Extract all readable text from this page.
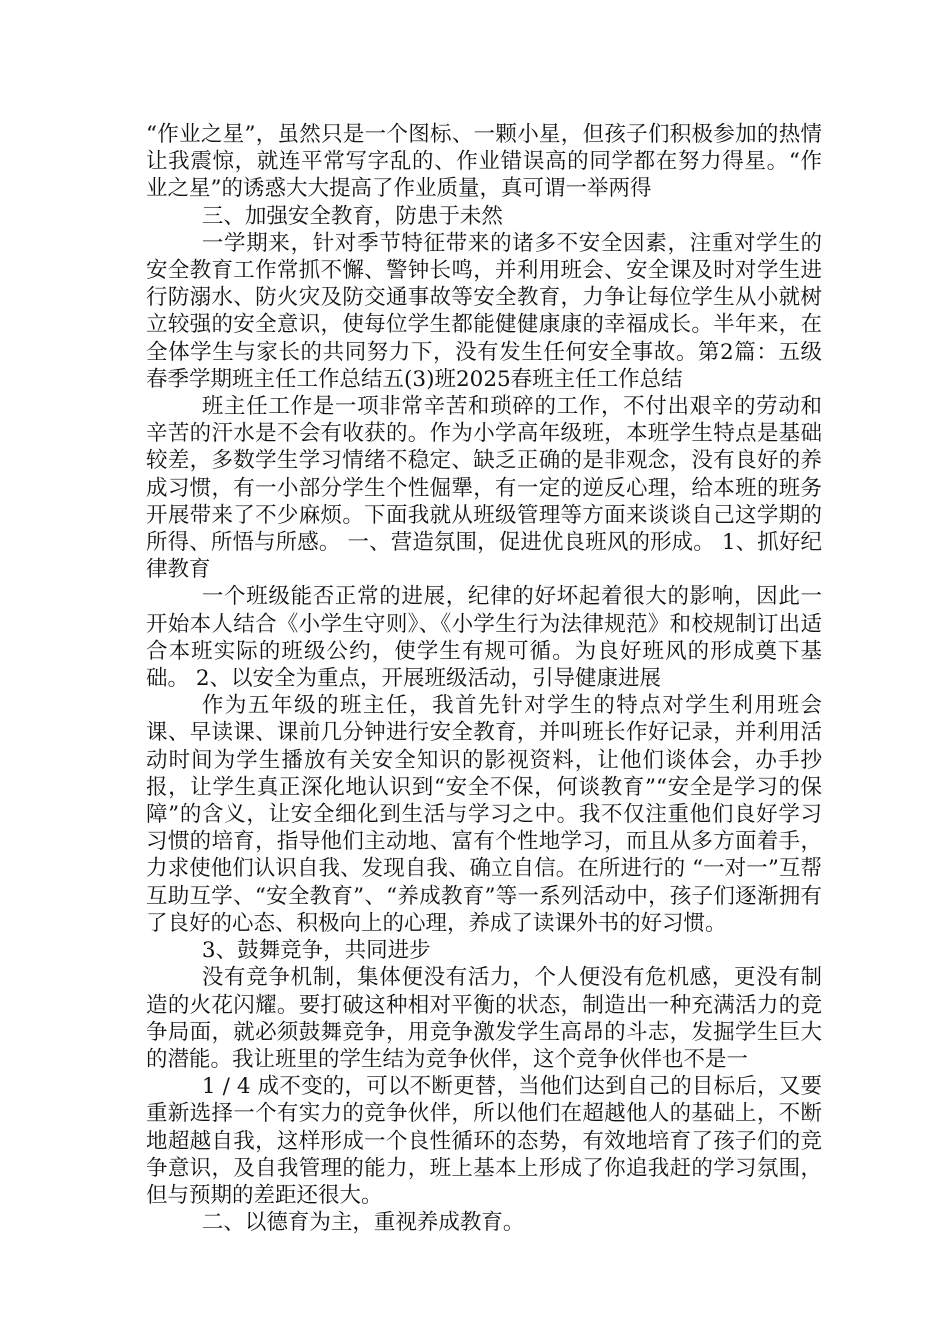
“作业之星”，虽然只是一个图标、一颗小星，但孩子们积极参加的热情让我震惊，就连平常写字乱的、作业错误高的同学都在努力得星。“作业之星”的诱惑大大提高了作业质量，真可谓一举两得

三、加强安全教育，防患于未然

一学期来，针对季节特征带来的诸多不安全因素，注重对学生的安全教育工作常抓不懈、警钟长鸣，并利用班会、安全课及时对学生进行防溺水、防火灾及防交通事故等安全教育，力争让每位学生从小就树立较强的安全意识，使每位学生都能健健康康的幸福成长。半年来，在全体学生与家长的共同努力下，没有发生任何安全事故。第2篇：五级春季学期班主任工作总结五(3)班2025春班主任工作总结

班主任工作是一项非常辛苦和琐碎的工作，不付出艰辛的劳动和辛苦的汗水是不会有收获的。作为小学高年级班，本班学生特点是基础较差，多数学生学习情绪不稳定、缺乏正确的是非观念，没有良好的养成习惯，有一小部分学生个性倔犟，有一定的逆反心理，给本班的班务开展带来了不少麻烦。下面我就从班级管理等方面来谈谈自己这学期的所得、所悟与所感。 一、营造氛围，促进优良班风的形成。 1、抓好纪律教育

一个班级能否正常的进展，纪律的好坏起着很大的影响，因此一开始本人结合《小学生守则》、《小学生行为法律规范》和校规制订出适合本班实际的班级公约，使学生有规可循。为良好班风的形成奠下基础。 2、以安全为重点，开展班级活动，引导健康进展

作为五年级的班主任，我首先针对学生的特点对学生利用班会课、早读课、课前几分钟进行安全教育，并叫班长作好记录，并利用活动时间为学生播放有关安全知识的影视资料，让他们谈体会，办手抄报，让学生真正深化地认识到“安全不保，何谈教育”“安全是学习的保障”的含义，让安全细化到生活与学习之中。我不仅注重他们良好学习习惯的培育，指导他们主动地、富有个性地学习，而且从多方面着手，力求使他们认识自我、发现自我、确立自信。在所进行的 “一对一”互帮互助互学、“安全教育”、“养成教育”等一系列活动中，孩子们逐渐拥有了良好的心态、积极向上的心理，养成了读课外书的好习惯。

3、鼓舞竞争，共同进步

没有竞争机制，集体便没有活力，个人便没有危机感，更没有制造的火花闪耀。要打破这种相对平衡的状态，制造出一种充满活力的竞争局面，就必须鼓舞竞争，用竞争激发学生高昂的斗志，发掘学生巨大的潜能。我让班里的学生结为竞争伙伴，这个竞争伙伴也不是一

1 / 4 成不变的，可以不断更替，当他们达到自己的目标后，又要重新选择一个有实力的竞争伙伴，所以他们在超越他人的基础上，不断地超越自我，这样形成一个良性循环的态势，有效地培育了孩子们的竞争意识，及自我管理的能力，班上基本上形成了你追我赶的学习氛围，但与预期的差距还很大。

二、以德育为主，重视养成教育。
